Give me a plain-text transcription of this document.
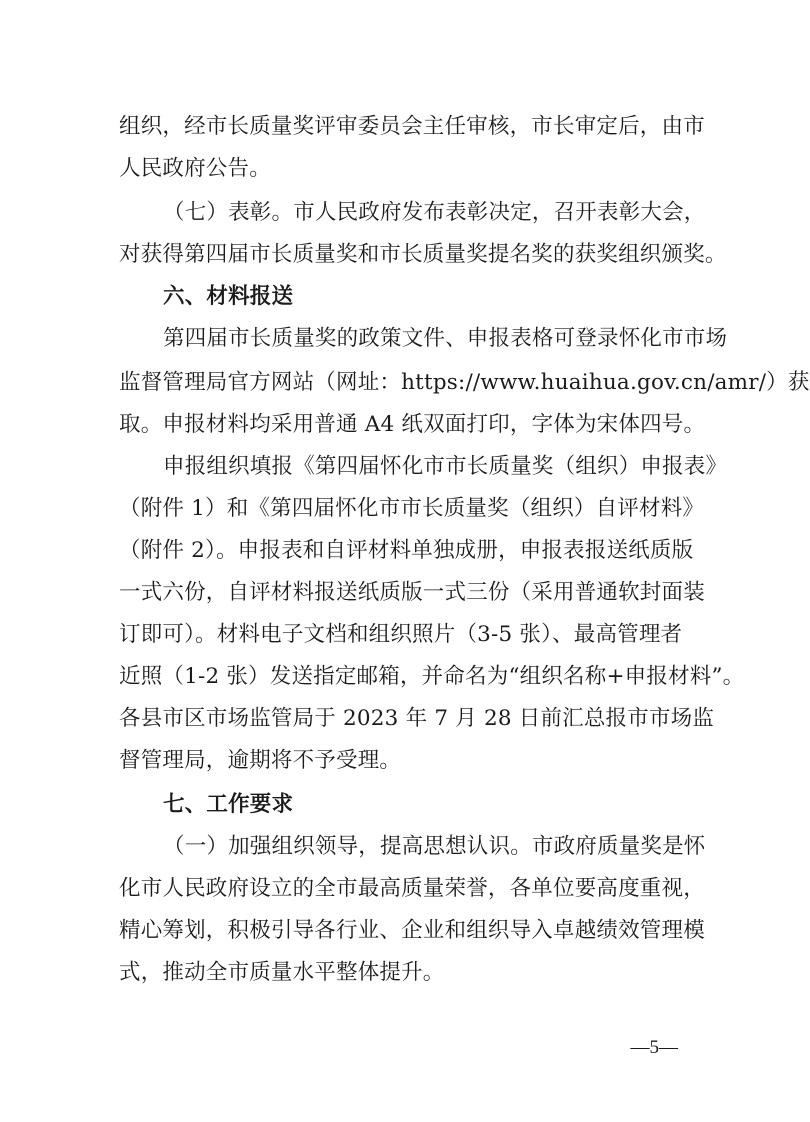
组织，经市长质量奖评审委员会主任审核，市长审定后，由市
人民政府公告。
（七）表彰。市人民政府发布表彰决定，召开表彰大会，
对获得第四届市长质量奖和市长质量奖提名奖的获奖组织颁奖。
六、材料报送
第四届市长质量奖的政策文件、申报表格可登录怀化市市场
监督管理局官方网站（网址：https://www.huaihua.gov.cn/amr/）获
取。申报材料均采用普通 A4 纸双面打印，字体为宋体四号。
申报组织填报《第四届怀化市市长质量奖（组织）申报表》
（附件 1）和《第四届怀化市市长质量奖（组织）自评材料》
（附件 2）。申报表和自评材料单独成册，申报表报送纸质版
一式六份，自评材料报送纸质版一式三份（采用普通软封面装
订即可）。材料电子文档和组织照片（3-5 张）、最高管理者
近照（1-2 张）发送指定邮箱，并命名为“组织名称+申报材料”。
各县市区市场监管局于 2023 年 7 月 28 日前汇总报市市场监
督管理局，逾期将不予受理。
七、工作要求
（一）加强组织领导，提高思想认识。市政府质量奖是怀
化市人民政府设立的全市最高质量荣誉，各单位要高度重视，
精心筹划，积极引导各行业、企业和组织导入卓越绩效管理模
式，推动全市质量水平整体提升。
—5—
